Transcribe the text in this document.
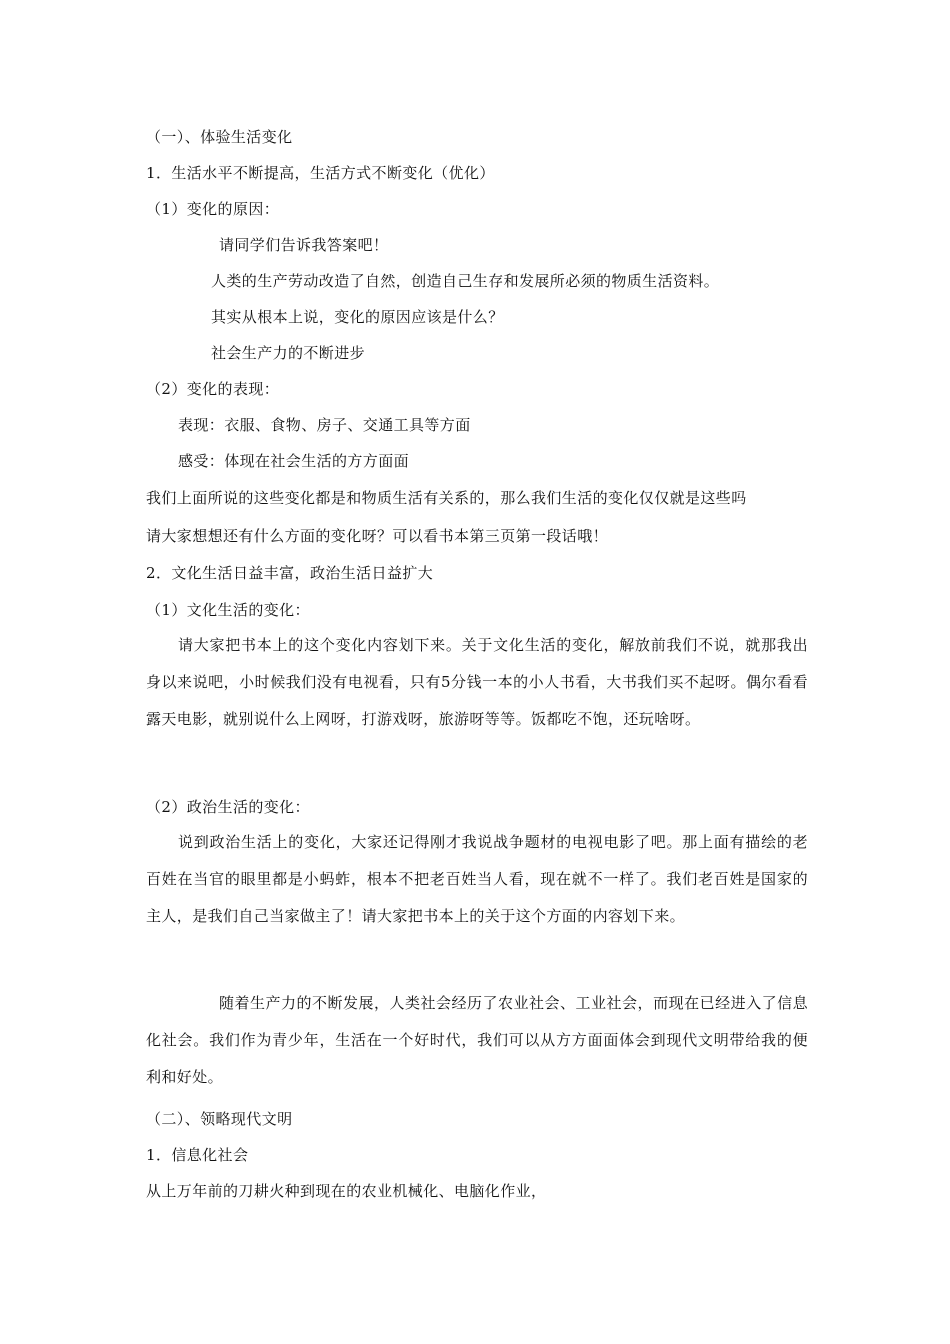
（一）、体验生活变化
1．生活水平不断提高，生活方式不断变化（优化）
（1）变化的原因：
请同学们告诉我答案吧！
人类的生产劳动改造了自然，创造自己生存和发展所必须的物质生活资料。
其实从根本上说，变化的原因应该是什么？
社会生产力的不断进步
（2）变化的表现：
表现：衣服、食物、房子、交通工具等方面
感受：体现在社会生活的方方面面
我们上面所说的这些变化都是和物质生活有关系的，那么我们生活的变化仅仅就是这些吗
请大家想想还有什么方面的变化呀？可以看书本第三页第一段话哦！
2．文化生活日益丰富，政治生活日益扩大
（1）文化生活的变化：
请大家把书本上的这个变化内容划下来。关于文化生活的变化，解放前我们不说，就那我出身以来说吧，小时候我们没有电视看，只有5分钱一本的小人书看，大书我们买不起呀。偶尔看看露天电影，就别说什么上网呀，打游戏呀，旅游呀等等。饭都吃不饱，还玩啥呀。
（2）政治生活的变化：
说到政治生活上的变化，大家还记得刚才我说战争题材的电视电影了吧。那上面有描绘的老百姓在当官的眼里都是小蚂蚱，根本不把老百姓当人看，现在就不一样了。我们老百姓是国家的主人，是我们自己当家做主了！请大家把书本上的关于这个方面的内容划下来。
随着生产力的不断发展，人类社会经历了农业社会、工业社会，而现在已经进入了信息化社会。我们作为青少年，生活在一个好时代，我们可以从方方面面体会到现代文明带给我的便利和好处。
（二）、领略现代文明
1．信息化社会
从上万年前的刀耕火种到现在的农业机械化、电脑化作业，
